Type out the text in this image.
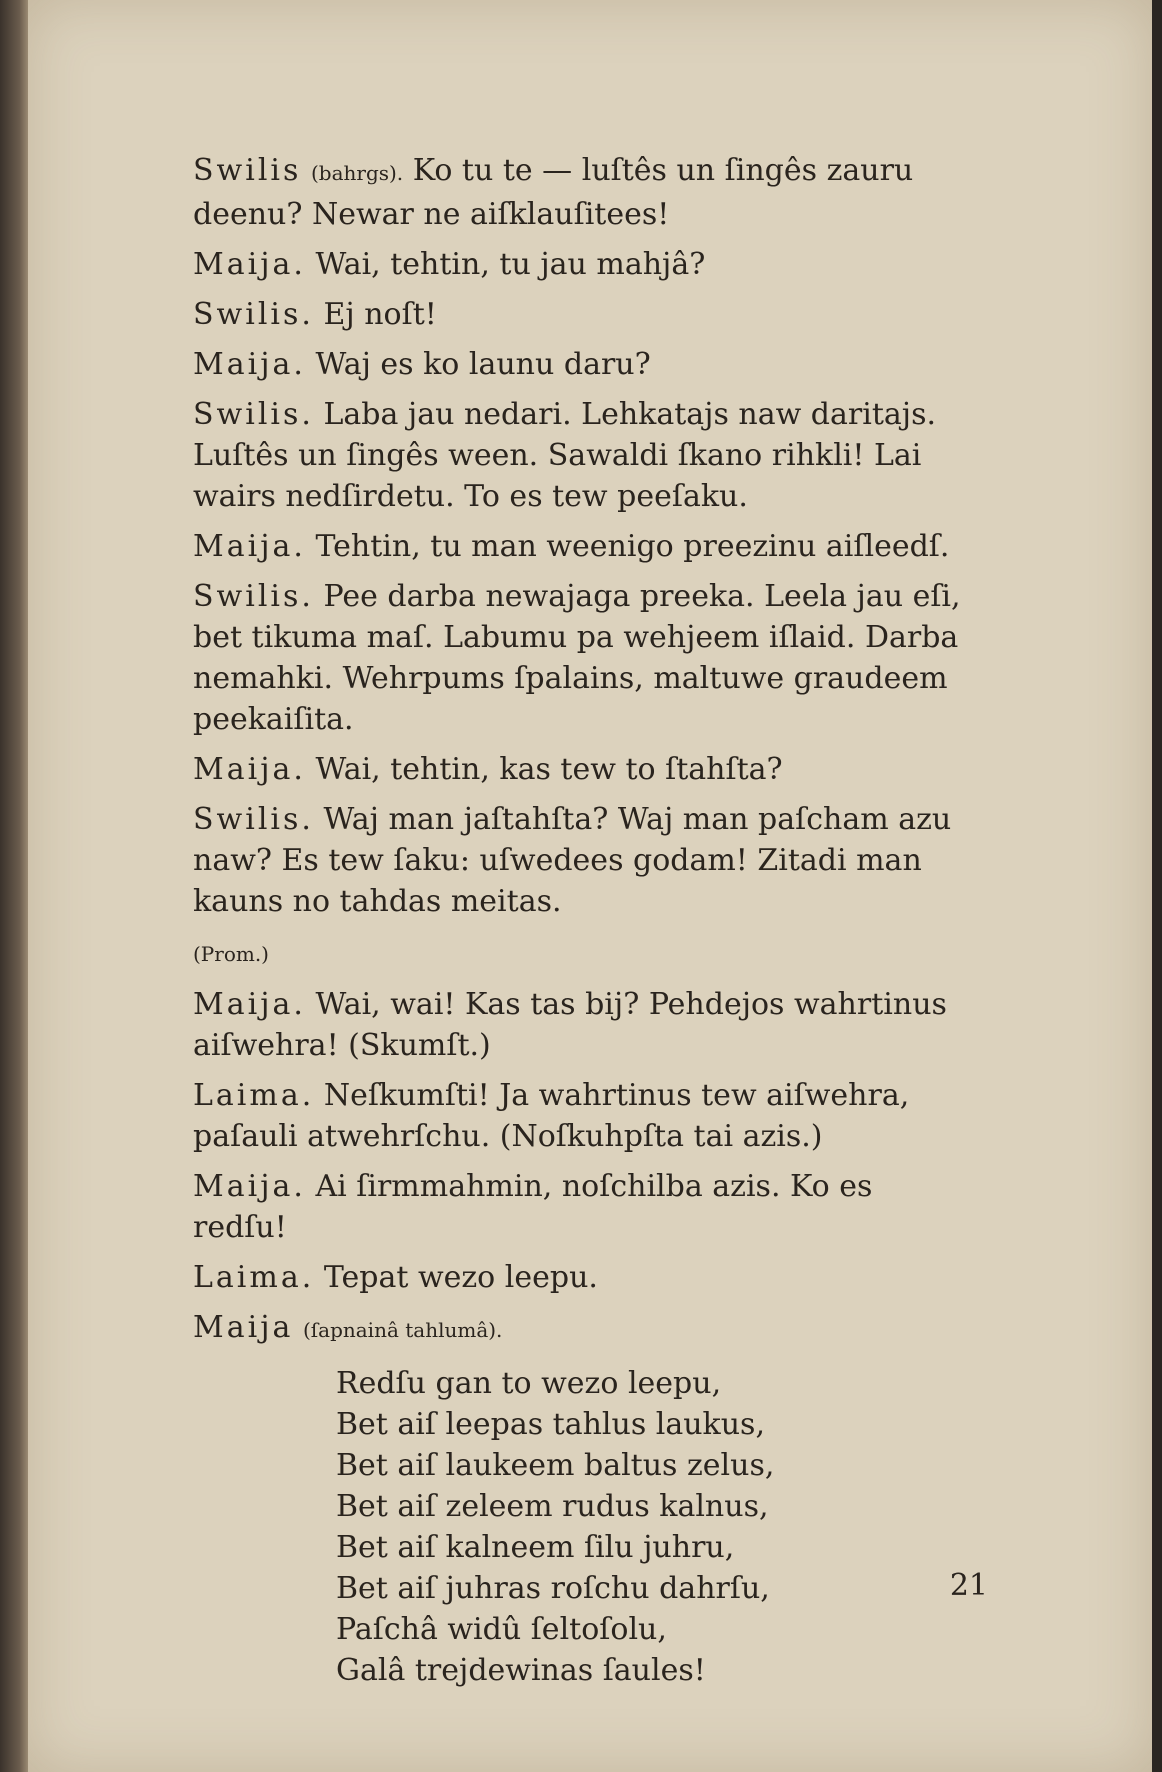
Swilis (bahrgs). Ko tu te — luſtês un ſingês zauru deenu? Newar ne aiſklauſitees!
Maija. Wai, tehtin, tu jau mahjâ?
Swilis. Ej noſt!
Maija. Waj es ko launu daru?
Swilis. Laba jau nedari. Lehkatajs naw daritajs. Luſtês un ſingês ween. Sawaldi ſkano rihkli! Lai wairs nedſirdetu. To es tew peeſaku.
Maija. Tehtin, tu man weenigo preezinu aiſleedſ.
Swilis. Pee darba newajaga preeka. Leela jau eſi, bet tikuma maſ. Labumu pa wehjeem iſlaid. Darba nemahki. Wehrpums ſpalains, maltuwe graudeem peekaiſita.
Maija. Wai, tehtin, kas tew to ſtahſta?
Swilis. Waj man jaſtahſta? Waj man paſcham azu naw? Es tew ſaku: uſwedees godam! Zitadi man kauns no tahdas meitas.
(Prom.)
Maija. Wai, wai! Kas tas bij? Pehdejos wahrtinus aiſwehra! (Skumſt.)
Laima. Neſkumſti! Ja wahrtinus tew aiſwehra, paſauli atwehrſchu. (Noſkuhpſta tai azis.)
Maija. Ai ſirmmahmin, noſchilba azis. Ko es redſu!
Laima. Tepat wezo leepu.
Maija (ſapnainâ tahlumâ).
Redſu gan to wezo leepu,
Bet aiſ leepas tahlus laukus,
Bet aiſ laukeem baltus zelus,
Bet aiſ zeleem rudus kalnus,
Bet aiſ kalneem ſilu juhru,
Bet aiſ juhras roſchu dahrſu,
Paſchâ widû ſeltoſolu,
Galâ trejdewinas ſaules!
21
